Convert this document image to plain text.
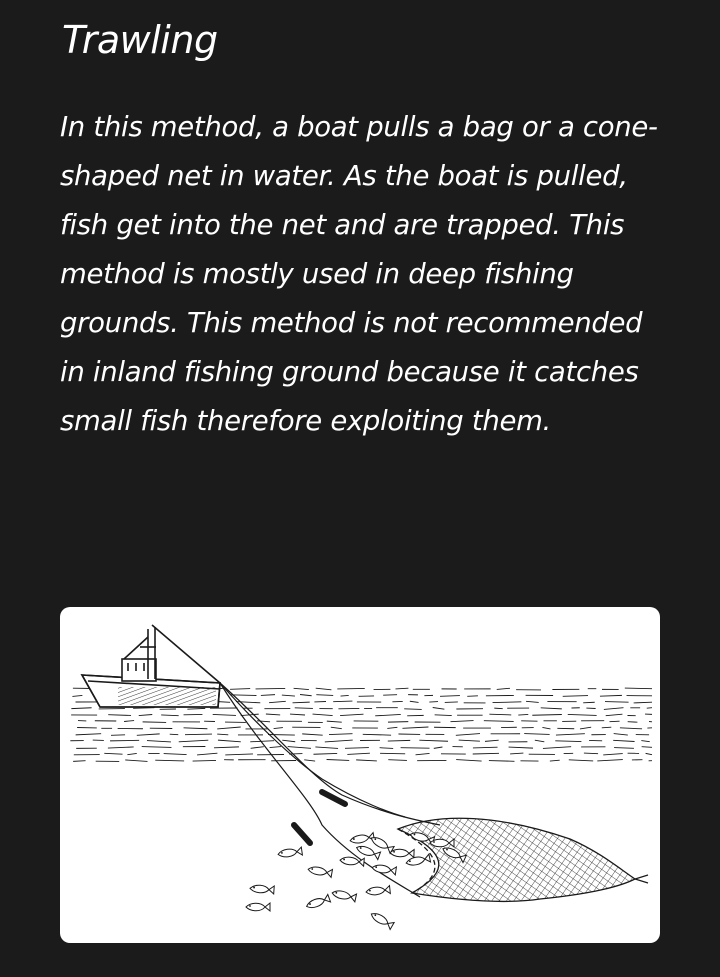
Trawling

In this method, a boat pulls a bag or a cone-shaped net in water. As the boat is pulled, fish get into the net and are trapped. This method is mostly used in deep fishing grounds. This method is not recommended in inland fishing ground because it catches small fish therefore exploiting them.
